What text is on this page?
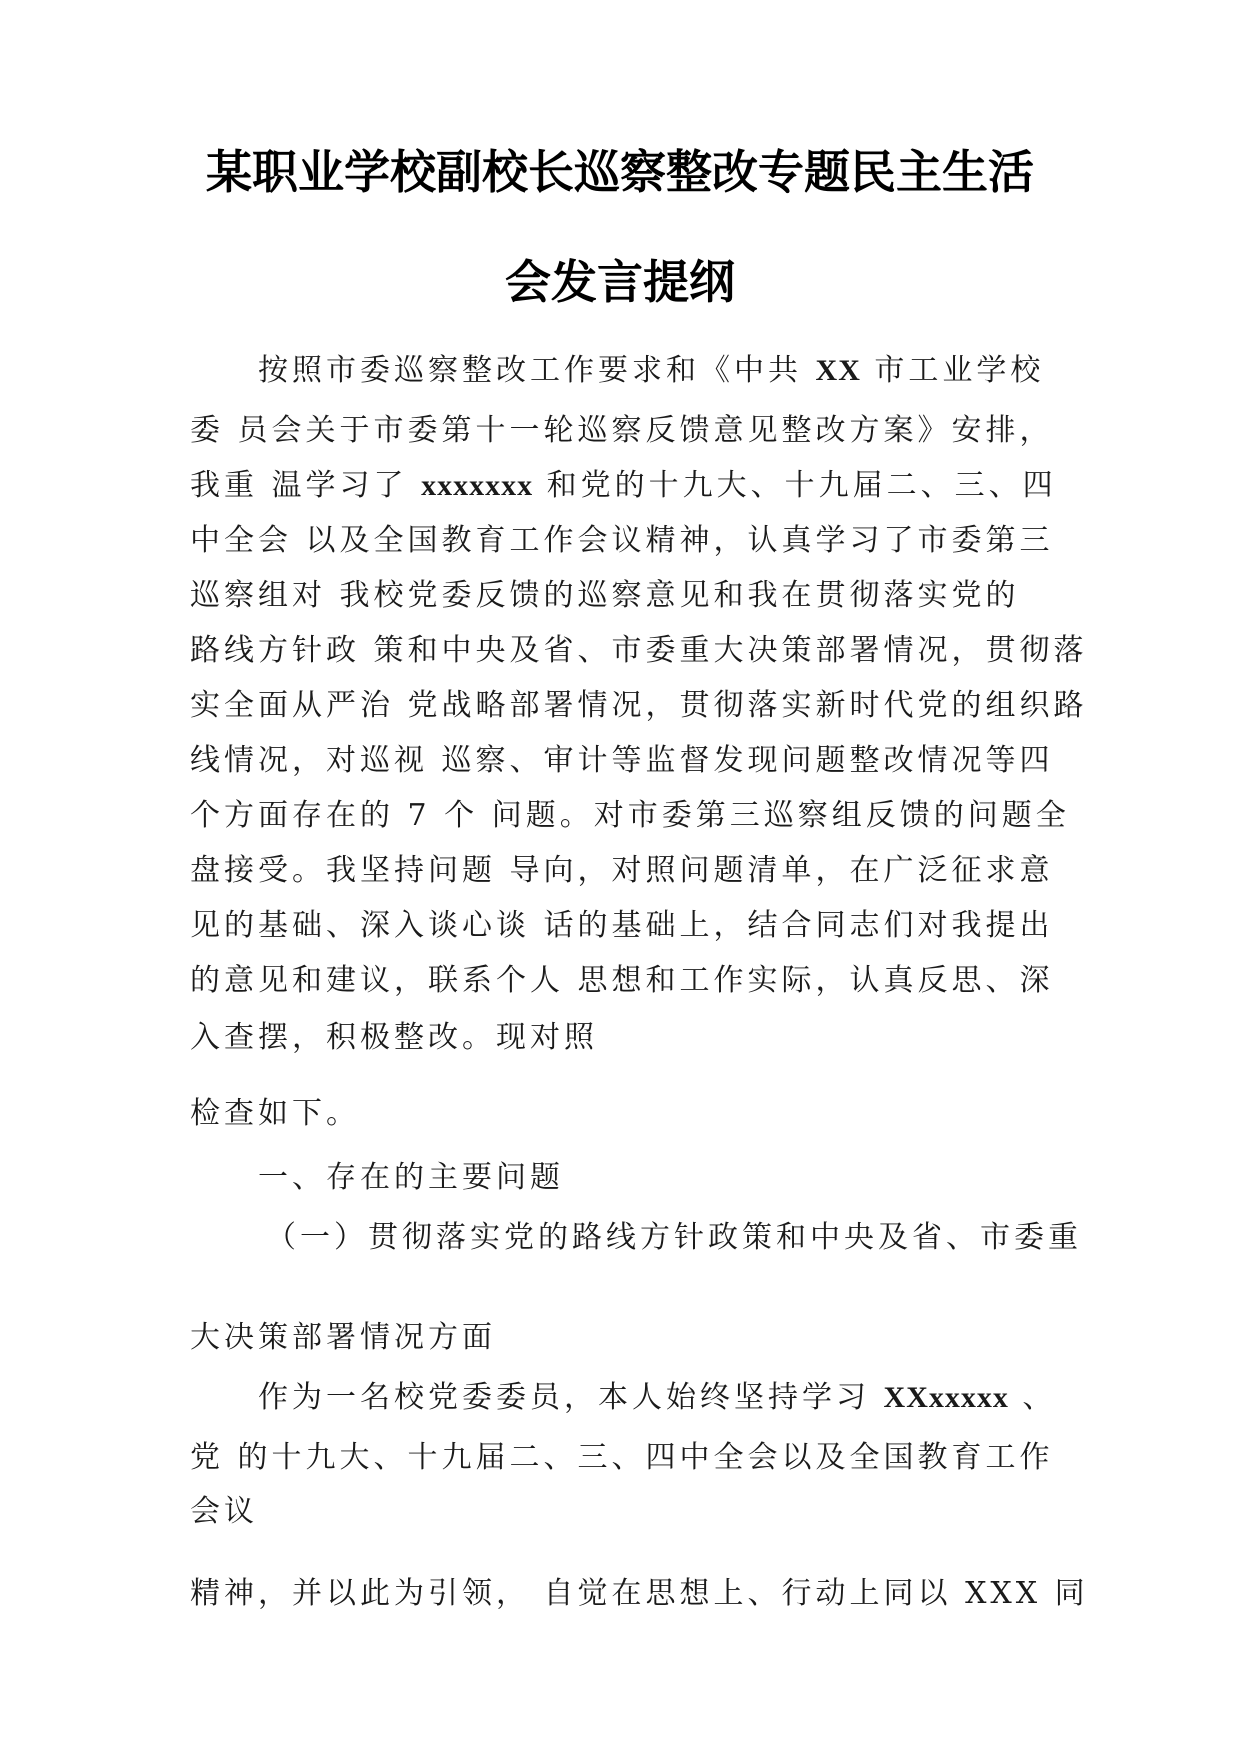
某职业学校副校长巡察整改专题民主生活
会发言提纲

按照市委巡察整改工作要求和《中共 XX 市工业学校

委 员会关于市委第十一轮巡察反馈意见整改方案》安排，

我重 温学习了 xxxxxxx 和党的十九大、十九届二、三、四

中全会 以及全国教育工作会议精神，认真学习了市委第三

巡察组对 我校党委反馈的巡察意见和我在贯彻落实党的

路线方针政 策和中央及省、市委重大决策部署情况，贯彻落

实全面从严治 党战略部署情况，贯彻落实新时代党的组织路

线情况，对巡视 巡察、审计等监督发现问题整改情况等四

个方面存在的 7 个 问题。对市委第三巡察组反馈的问题全

盘接受。我坚持问题 导向，对照问题清单，在广泛征求意

见的基础、深入谈心谈 话的基础上，结合同志们对我提出

的意见和建议，联系个人 思想和工作实际，认真反思、深

入查摆，积极整改。现对照

检查如下。

一、存在的主要问题

（一）贯彻落实党的路线方针政策和中央及省、市委重

大决策部署情况方面

作为一名校党委委员，本人始终坚持学习 XXxxxxx 、

党 的十九大、十九届二、三、四中全会以及全国教育工作

会议

精神，并以此为引领， 自觉在思想上、行动上同以 XXX 同
